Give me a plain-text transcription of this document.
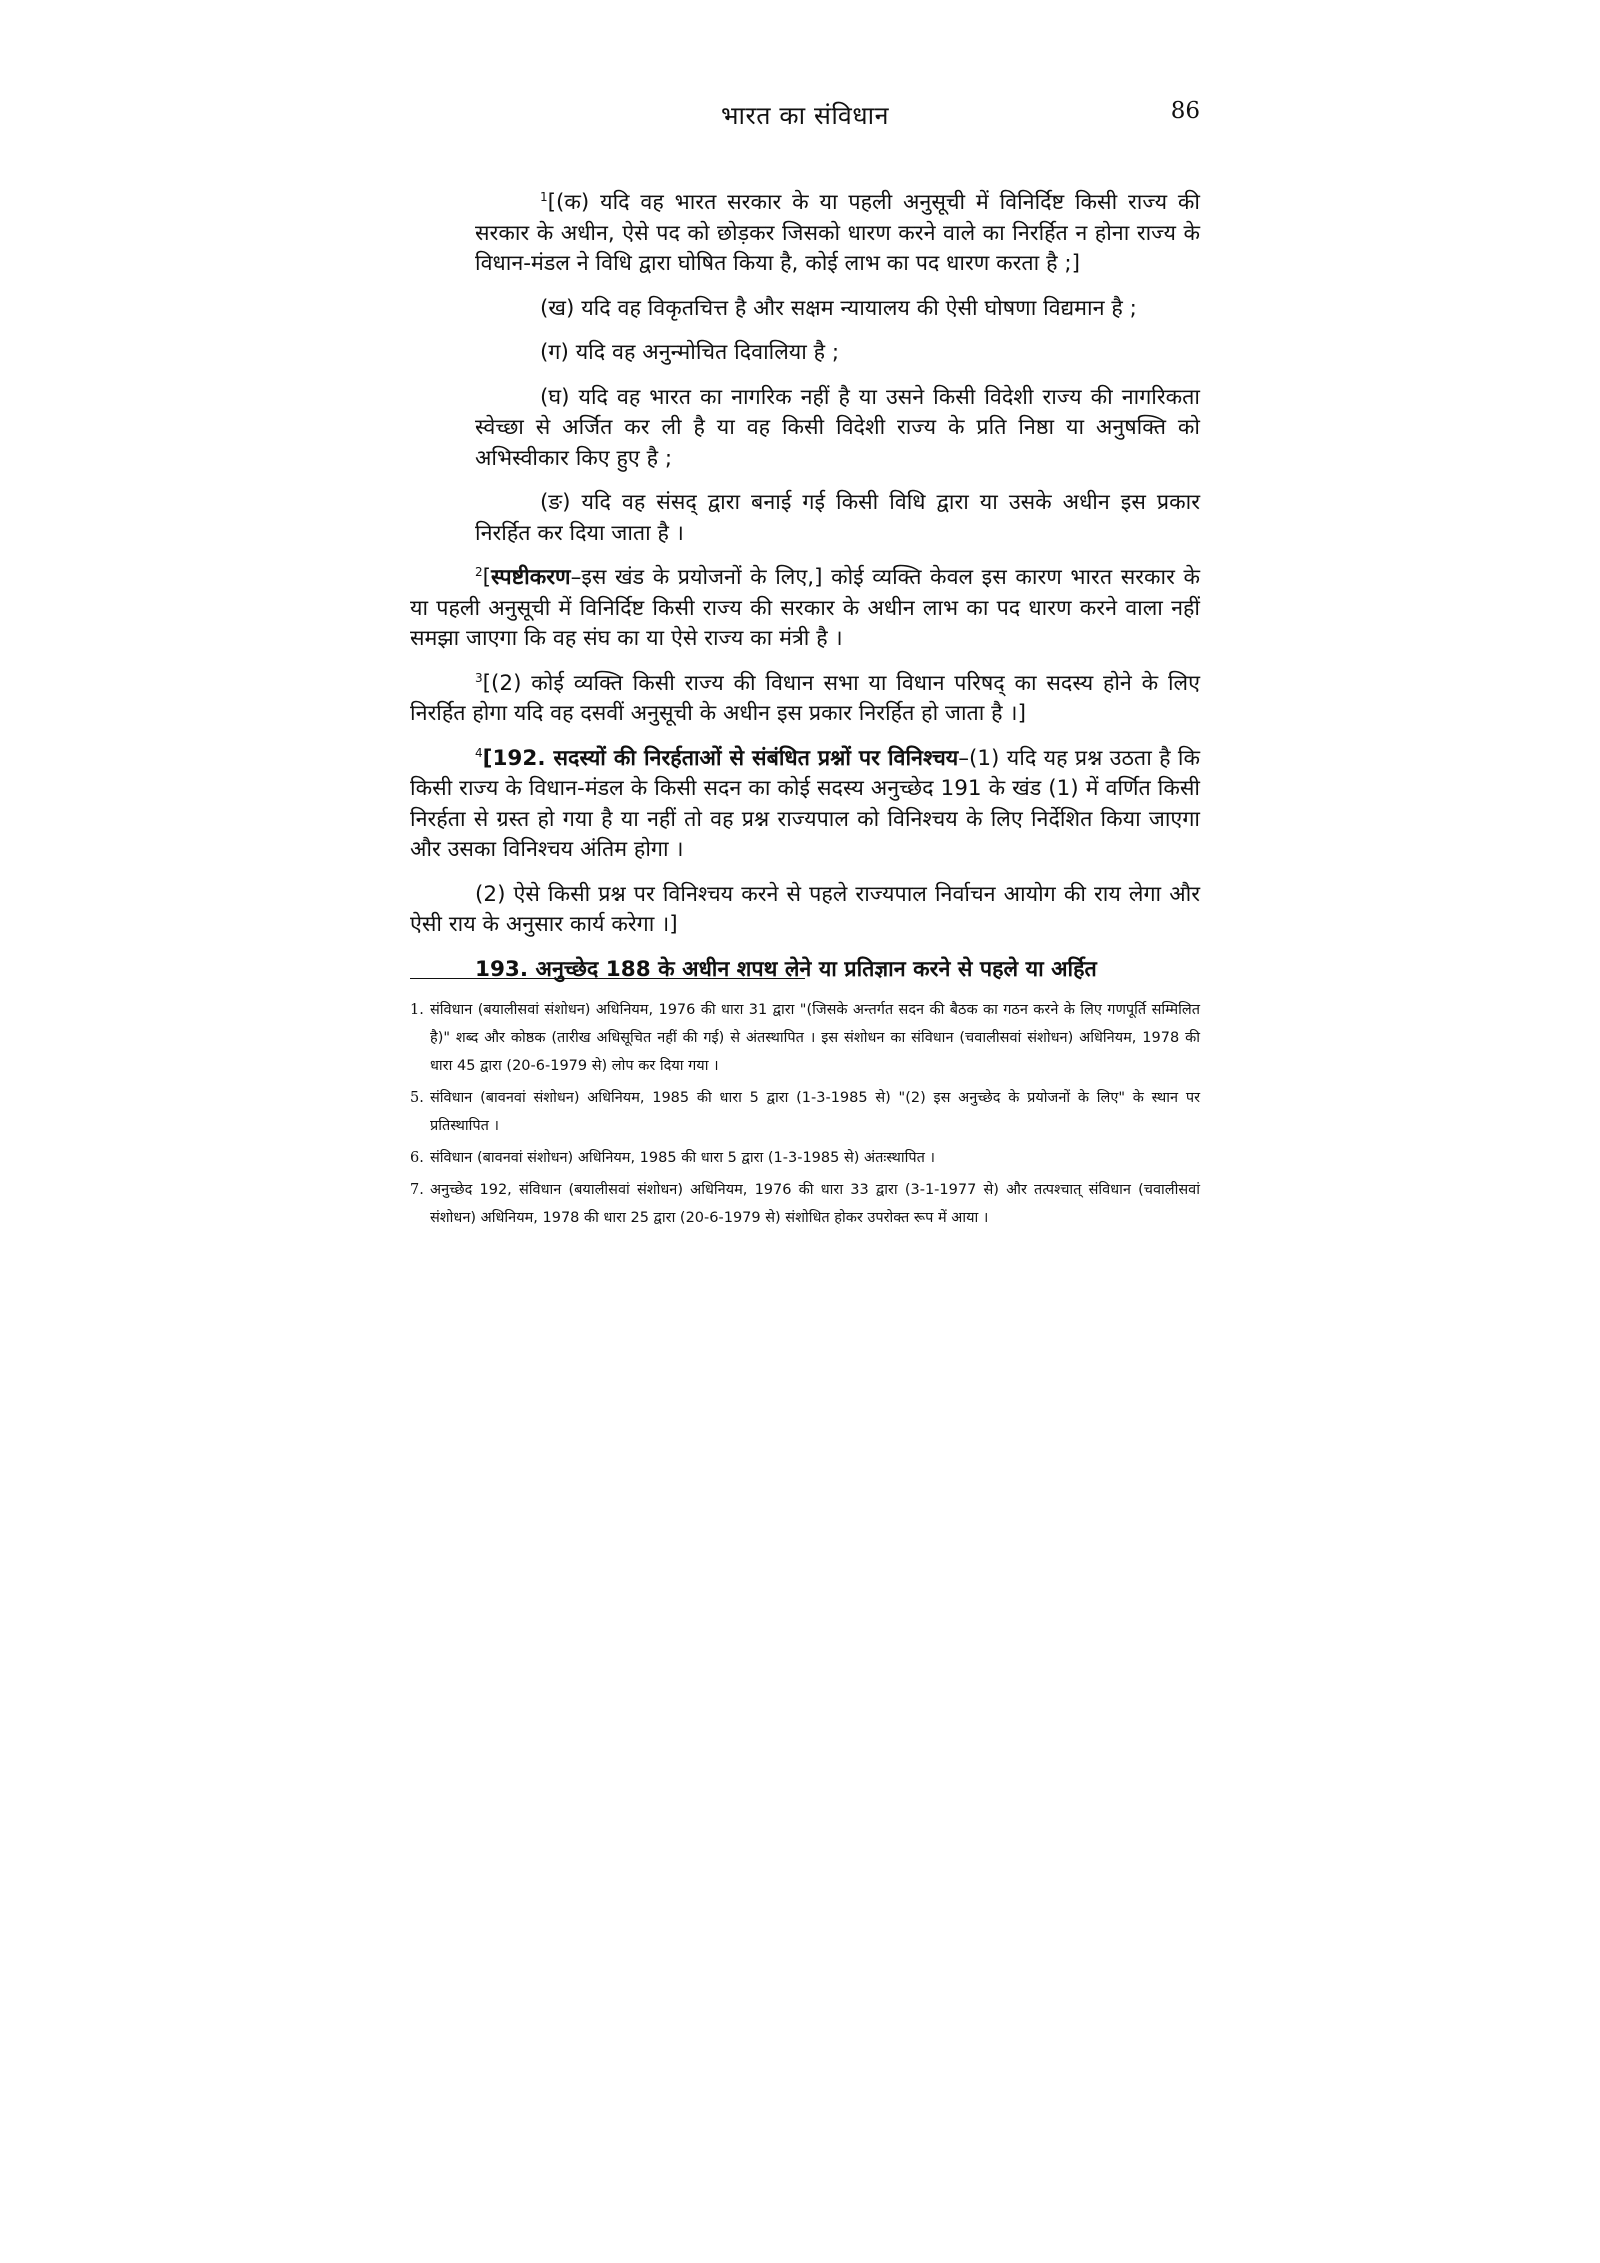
भारत का संविधान	86

$^1$[(क) यदि वह भारत सरकार के या पहली अनुसूची में विनिर्दिष्ट किसी राज्य की सरकार के अधीन, ऐसे पद को छोड़कर जिसको धारण करने वाले का निरर्हित न होना राज्य के विधान-मंडल ने विधि द्वारा घोषित किया है, कोई लाभ का पद धारण करता है ;]

(ख) यदि वह विकृतचित्त है और सक्षम न्यायालय की ऐसी घोषणा विद्यमान है ;

(ग) यदि वह अनुन्मोचित दिवालिया है ;

(घ) यदि वह भारत का नागरिक नहीं है या उसने किसी विदेशी राज्य की नागरिकता स्वेच्छा से अर्जित कर ली है या वह किसी विदेशी राज्य के प्रति निष्ठा या अनुषक्ति को अभिस्वीकार किए हुए है ;

(ङ) यदि वह संसद् द्वारा बनाई गई किसी विधि द्वारा या उसके अधीन इस प्रकार निरर्हित कर दिया जाता है ।

$^2$[स्पष्टीकरण–इस खंड के प्रयोजनों के लिए,] कोई व्यक्ति केवल इस कारण भारत सरकार के या पहली अनुसूची में विनिर्दिष्ट किसी राज्य की सरकार के अधीन लाभ का पद धारण करने वाला नहीं समझा जाएगा कि वह संघ का या ऐसे राज्य का मंत्री है ।

$^3$[(2) कोई व्यक्ति किसी राज्य की विधान सभा या विधान परिषद् का सदस्य होने के लिए निरर्हित होगा यदि वह दसवीं अनुसूची के अधीन इस प्रकार निरर्हित हो जाता है ।]

$^4$[192. सदस्यों की निरर्हताओं से संबंधित प्रश्नों पर विनिश्चय–(1) यदि यह प्रश्न उठता है कि किसी राज्य के विधान-मंडल के किसी सदन का कोई सदस्य अनुच्छेद 191 के खंड (1) में वर्णित किसी निरर्हता से ग्रस्त हो गया है या नहीं तो वह प्रश्न राज्यपाल को विनिश्चय के लिए निर्देशित किया जाएगा और उसका विनिश्चय अंतिम होगा ।

(2) ऐसे किसी प्रश्न पर विनिश्चय करने से पहले राज्यपाल निर्वाचन आयोग की राय लेगा और ऐसी राय के अनुसार कार्य करेगा ।]

193. अनुच्छेद 188 के अधीन शपथ लेने या प्रतिज्ञान करने से पहले या अर्हित

1. संविधान (बयालीसवां संशोधन) अधिनियम, 1976 की धारा 31 द्वारा "(जिसके अन्तर्गत सदन की बैठक का गठन करने के लिए गणपूर्ति सम्मिलित है)" शब्द और कोष्ठक (तारीख अधिसूचित नहीं की गई) से अंतस्थापित । इस संशोधन का संविधान (चवालीसवां संशोधन) अधिनियम, 1978 की धारा 45 द्वारा (20-6-1979 से) लोप कर दिया गया ।
5. संविधान (बावनवां संशोधन) अधिनियम, 1985 की धारा 5 द्वारा (1-3-1985 से) "(2) इस अनुच्छेद के प्रयोजनों के लिए" के स्थान पर प्रतिस्थापित ।
6. संविधान (बावनवां संशोधन) अधिनियम, 1985 की धारा 5 द्वारा (1-3-1985 से) अंतःस्थापित ।
7. अनुच्छेद 192, संविधान (बयालीसवां संशोधन) अधिनियम, 1976 की धारा 33 द्वारा (3-1-1977 से) और तत्पश्चात् संविधान (चवालीसवां संशोधन) अधिनियम, 1978 की धारा 25 द्वारा (20-6-1979 से) संशोधित होकर उपरोक्त रूप में आया ।
